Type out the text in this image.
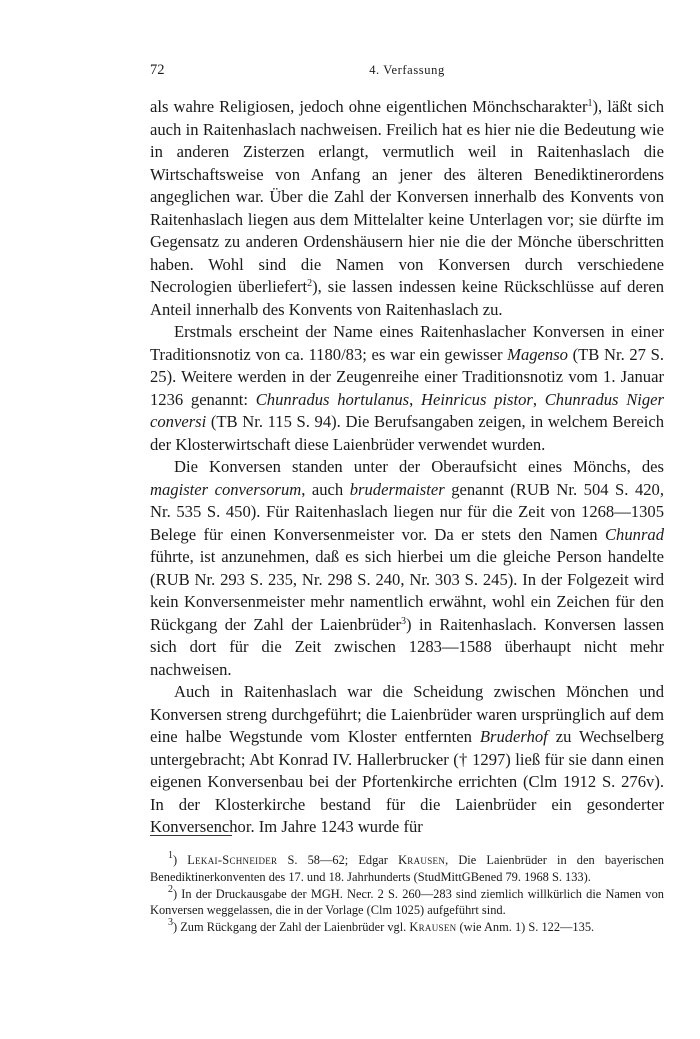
72	4. Verfassung

als wahre Religiosen, jedoch ohne eigentlichen Mönchscharakter$^1$), läßt sich auch in Raitenhaslach nachweisen. Freilich hat es hier nie die Bedeutung wie in anderen Zisterzen erlangt, vermutlich weil in Raitenhaslach die Wirtschaftsweise von Anfang an jener des älteren Benediktinerordens angeglichen war. Über die Zahl der Konversen innerhalb des Konvents von Raitenhaslach liegen aus dem Mittelalter keine Unterlagen vor; sie dürfte im Gegensatz zu anderen Ordenshäusern hier nie die der Mönche überschritten haben. Wohl sind die Namen von Konversen durch verschiedene Necrologien überliefert$^2$), sie lassen indessen keine Rückschlüsse auf deren Anteil innerhalb des Konvents von Raitenhaslach zu.

Erstmals erscheint der Name eines Raitenhaslacher Konversen in einer Traditionsnotiz von ca. 1180/83; es war ein gewisser Magenso (TB Nr. 27 S. 25). Weitere werden in der Zeugenreihe einer Traditionsnotiz vom 1. Januar 1236 genannt: Chunradus hortulanus, Heinricus pistor, Chunradus Niger conversi (TB Nr. 115 S. 94). Die Berufsangaben zeigen, in welchem Bereich der Klosterwirtschaft diese Laienbrüder verwendet wurden.

Die Konversen standen unter der Oberaufsicht eines Mönchs, des magister conversorum, auch brudermaister genannt (RUB Nr. 504 S. 420, Nr. 535 S. 450). Für Raitenhaslach liegen nur für die Zeit von 1268—1305 Belege für einen Konversenmeister vor. Da er stets den Namen Chunrad führte, ist anzunehmen, daß es sich hierbei um die gleiche Person handelte (RUB Nr. 293 S. 235, Nr. 298 S. 240, Nr. 303 S. 245). In der Folgezeit wird kein Konversenmeister mehr namentlich erwähnt, wohl ein Zeichen für den Rückgang der Zahl der Laienbrüder$^3$) in Raitenhaslach. Konversen lassen sich dort für die Zeit zwischen 1283—1588 überhaupt nicht mehr nachweisen.

Auch in Raitenhaslach war die Scheidung zwischen Mönchen und Konversen streng durchgeführt; die Laienbrüder waren ursprünglich auf dem eine halbe Wegstunde vom Kloster entfernten Bruderhof zu Wechselberg untergebracht; Abt Konrad IV. Hallerbrucker († 1297) ließ für sie dann einen eigenen Konversenbau bei der Pfortenkirche errichten (Clm 1912 S. 276v). In der Klosterkirche bestand für die Laienbrüder ein gesonderter Konversenchor. Im Jahre 1243 wurde für

$^1$) Lekai-Schneider S. 58—62; Edgar Krausen, Die Laienbrüder in den bayerischen Benediktinerkonventen des 17. und 18. Jahrhunderts (StudMittGBened 79. 1968 S. 133).

$^2$) In der Druckausgabe der MGH. Necr. 2 S. 260—283 sind ziemlich willkürlich die Namen von Konversen weggelassen, die in der Vorlage (Clm 1025) aufgeführt sind.

$^3$) Zum Rückgang der Zahl der Laienbrüder vgl. Krausen (wie Anm. 1) S. 122—135.
